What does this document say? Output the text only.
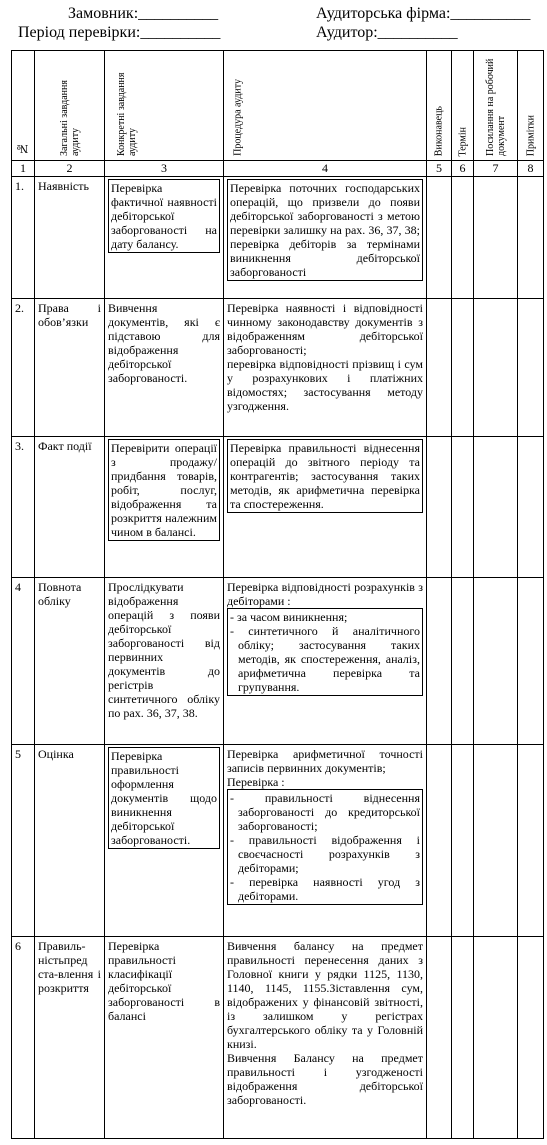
Замовник:__________
Період перевірки:__________
Аудиторська фірма:__________
Аудитор:__________
№	Загальні завдання аудиту	Конкретні завдання аудиту	Процедура аудиту	Виконавець	Термін	Посилання на робочий документ	Примітки

1	2	3	4	5	6	7	8
1.	Наявність	Перевірка фактичної наявності дебіторської заборгованості на дату балансу.	Перевірка поточних господарських операцій, що призвели до появи дебіторської заборгованості з метою перевірки залишку на рах. 36, 37, 38; перевірка дебіторів за термінами виникнення дебіторської заборгованості				

2.	Права і обов’язки	Вивчення документів, які є підставою для відображення дебіторської заборгованості.	Перевірка наявності і відповідності чинному законодавству документів з відображенням дебіторської заборгованості;

перевірка відповідності прізвищ і сум у розрахункових і платіжних відомостях; застосування методу узгодження.				

3.	Факт події	Перевірити операції з продажу/придбання товарів, робіт, послуг, відображення та розкриття належним чином в балансі.	Перевірка правильності віднесення операцій до звітного періоду та контрагентів; застосування таких методів, як арифметична перевірка та спостереження.				

4	Повнота обліку	Прослідкувати відображення операцій з появи дебіторської заборгованості від первинних документів до регістрів синтетичного обліку по рах. 36, 37, 38.	Перевірка відповідності розрахунків з дебіторами :

- за часом виникнення;

- синтетичного й аналітичного обліку; застосування таких методів, як спостереження, аналіз, арифметична перевірка та групування.				

5	Оцінка	Перевірка правильності оформлення документів щодо виникнення дебіторської заборгованості.	Перевірка арифметичної точності записів первинних документів;

Перевірка :

- правильності віднесення заборгованості до кредиторської заборгованості;

- правильності відображення і своєчасності розрахунків з дебіторами;

- перевірка наявності угод з дебіторами.				

6	Правиль-ністьпред ста-влення і розкриття	Перевірка правильності класифікації дебіторської заборгованості в балансі	Вивчення балансу на предмет правильності перенесення даних з Головної книги у рядки 1125, 1130, 1140, 1145, 1155.Зіставлення сум, відображених у фінансовій звітності, із залишком у регістрах бухгалтерського обліку та у Головній книзі.

Вивчення Балансу на предмет правильності і узгодженості відображення дебіторської заборгованості.				
